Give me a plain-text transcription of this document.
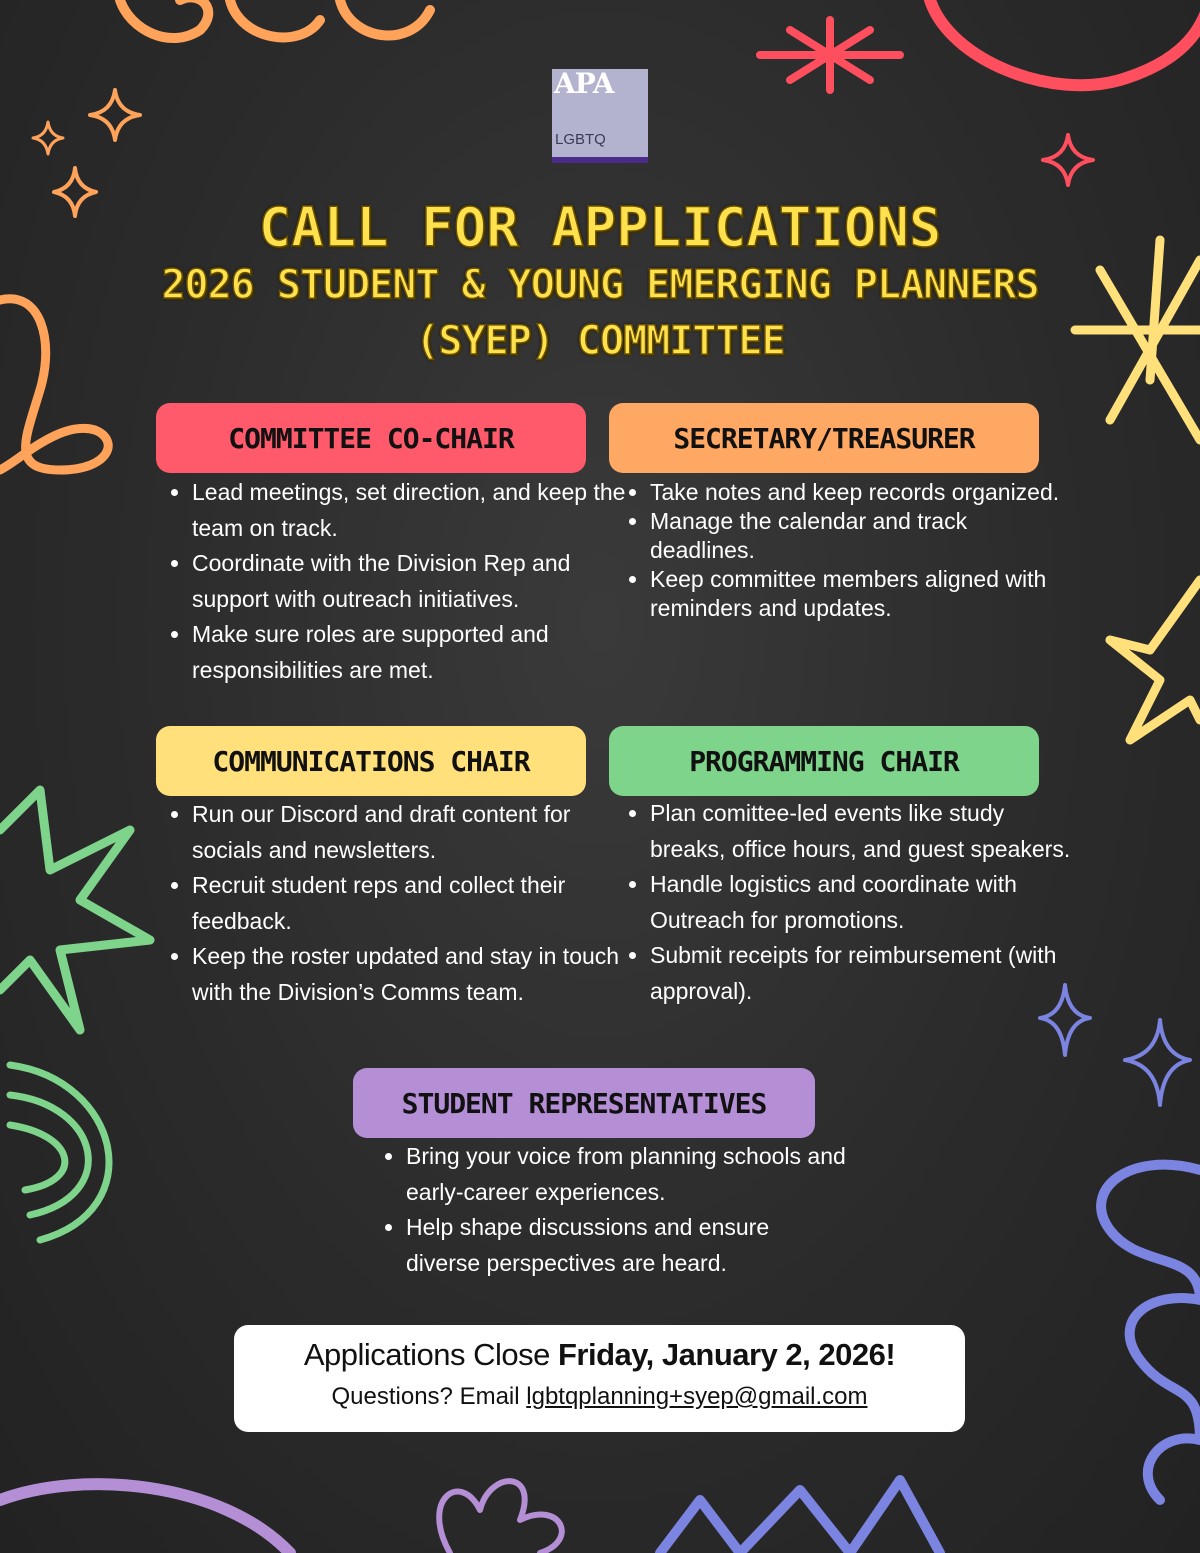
APA
LGBTQ
CALL FOR APPLICATIONS
2026 STUDENT & YOUNG EMERGING PLANNERS
(SYEP) COMMITTEE
COMMITTEE CO-CHAIR
• Lead meetings, set direction, and keep the team on track.
• Coordinate with the Division Rep and support with outreach initiatives.
• Make sure roles are supported and responsibilities are met.
SECRETARY/TREASURER
• Take notes and keep records organized.
• Manage the calendar and track deadlines.
• Keep committee members aligned with reminders and updates.
COMMUNICATIONS CHAIR
• Run our Discord and draft content for socials and newsletters.
• Recruit student reps and collect their feedback.
• Keep the roster updated and stay in touch with the Division’s Comms team.
PROGRAMMING CHAIR
• Plan comittee-led events like study breaks, office hours, and guest speakers.
• Handle logistics and coordinate with Outreach for promotions.
• Submit receipts for reimbursement (with approval).
STUDENT REPRESENTATIVES
• Bring your voice from planning schools and early-career experiences.
• Help shape discussions and ensure diverse perspectives are heard.
Applications Close Friday, January 2, 2026!
Questions? Email lgbtqplanning+syep@gmail.com
